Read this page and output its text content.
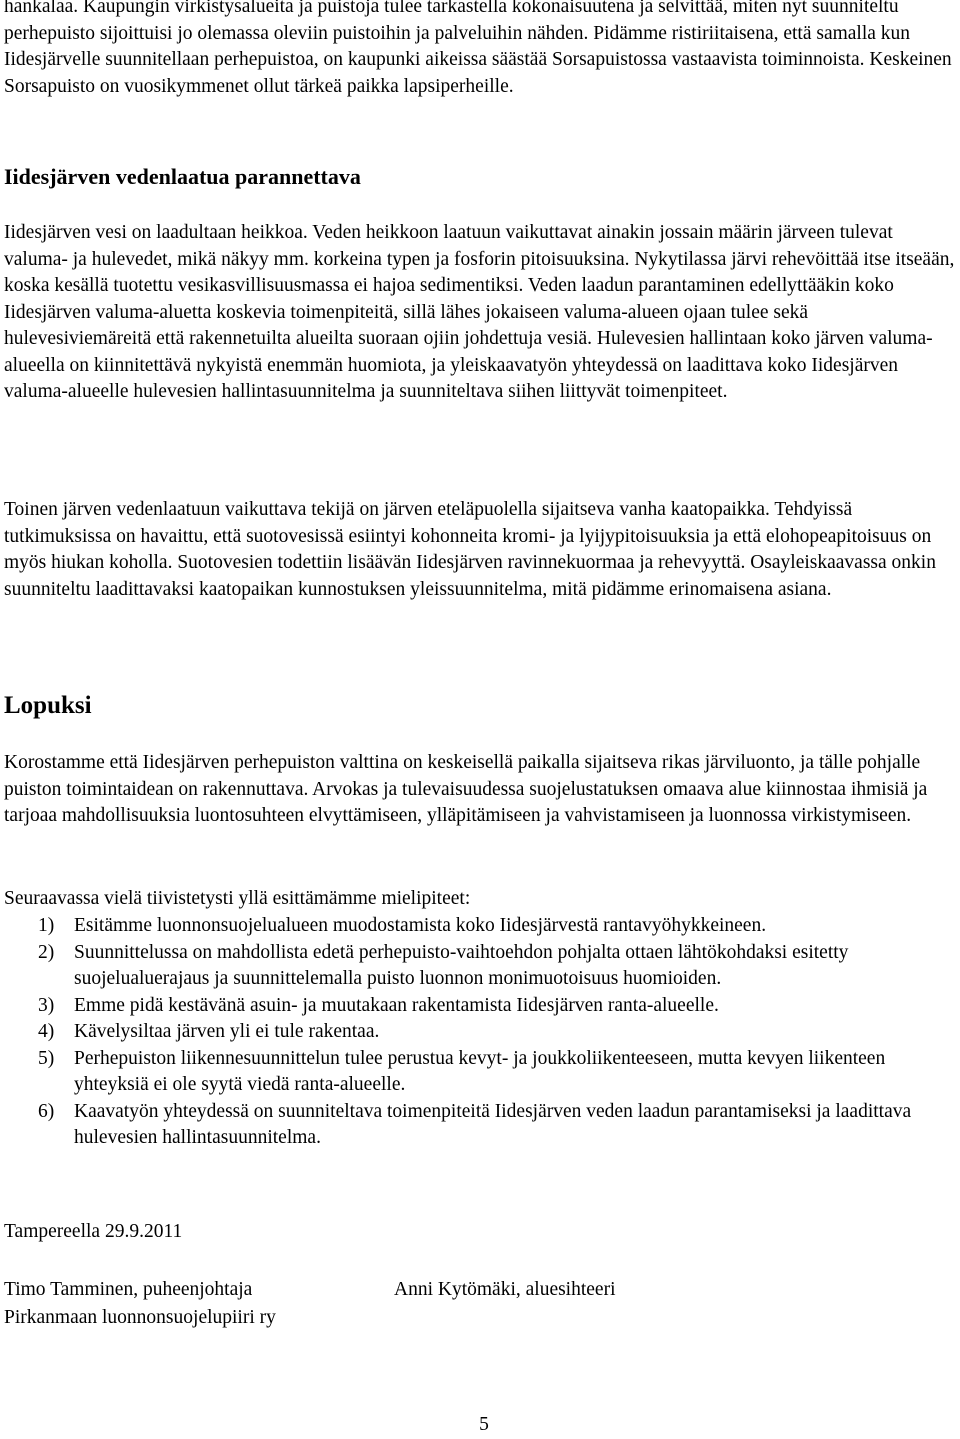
hankalaa. Kaupungin virkistysalueita ja puistoja tulee tarkastella kokonaisuutena ja selvittää, miten nyt suunniteltu perhepuisto sijoittuisi jo olemassa oleviin puistoihin ja palveluihin nähden. Pidämme ristiriitaisena, että samalla kun Iidesjärvelle suunnitellaan perhepuistoa, on kaupunki aikeissa säästää Sorsapuistossa vastaavista toiminnoista. Keskeinen Sorsapuisto on vuosikymmenet ollut tärkeä paikka lapsiperheille.

Iidesjärven vedenlaatua parannettava

Iidesjärven vesi on laadultaan heikkoa. Veden heikkoon laatuun vaikuttavat ainakin jossain määrin järveen tulevat valuma- ja hulevedet, mikä näkyy mm. korkeina typen ja fosforin pitoisuuksina. Nykytilassa järvi rehevöittää itse itseään, koska kesällä tuotettu vesikasvillisuusmassa ei hajoa sedimentiksi. Veden laadun parantaminen edellyttääkin koko Iidesjärven valuma-aluetta koskevia toimenpiteitä, sillä lähes jokaiseen valuma-alueen ojaan tulee sekä hulevesiviemäreitä että rakennetuilta alueilta suoraan ojiin johdettuja vesiä. Hulevesien hallintaan koko järven valuma-alueella on kiinnitettävä nykyistä enemmän huomiota, ja yleiskaavatyön yhteydessä on laadittava koko Iidesjärven valuma-alueelle hulevesien hallintasuunnitelma ja suunniteltava siihen liittyvät toimenpiteet.

Toinen järven vedenlaatuun vaikuttava tekijä on järven eteläpuolella sijaitseva vanha kaatopaikka. Tehdyissä tutkimuksissa on havaittu, että suotovesissä esiintyi kohonneita kromi- ja lyijypitoisuuksia ja että elohopeapitoisuus on myös hiukan koholla. Suotovesien todettiin lisäävän Iidesjärven ravinnekuormaa ja rehevyyttä. Osayleiskaavassa onkin suunniteltu laadittavaksi kaatopaikan kunnostuksen yleissuunnitelma, mitä pidämme erinomaisena asiana.

Lopuksi

Korostamme että Iidesjärven perhepuiston valttina on keskeisellä paikalla sijaitseva rikas järviluonto, ja tälle pohjalle puiston toimintaidean on rakennuttava. Arvokas ja tulevaisuudessa suojelustatuksen omaava alue kiinnostaa ihmisiä ja tarjoaa mahdollisuuksia luontosuhteen elvyttämiseen, ylläpitämiseen ja vahvistamiseen ja luonnossa virkistymiseen.

Seuraavassa vielä tiivistetysti yllä esittämämme mielipiteet:

1) Esitämme luonnonsuojelualueen muodostamista koko Iidesjärvestä rantavyöhykkeineen.
2) Suunnittelussa on mahdollista edetä perhepuisto-vaihtoehdon pohjalta ottaen lähtökohdaksi esitetty suojelualuerajaus ja suunnittelemalla puisto luonnon monimuotoisuus huomioiden.
3) Emme pidä kestävänä asuin- ja muutakaan rakentamista Iidesjärven ranta-alueelle.
4) Kävelysiltaa järven yli ei tule rakentaa.
5) Perhepuiston liikennesuunnittelun tulee perustua kevyt- ja joukkoliikenteeseen, mutta kevyen liikenteen yhteyksiä ei ole syytä viedä ranta-alueelle.
6) Kaavatyön yhteydessä on suunniteltava toimenpiteitä Iidesjärven veden laadun parantamiseksi ja laadittava hulevesien hallintasuunnitelma.

Tampereella 29.9.2011

Timo Tamminen, puheenjohtaja
Pirkanmaan luonnonsuojelupiiri ry
Anni Kytömäki, aluesihteeri
5
